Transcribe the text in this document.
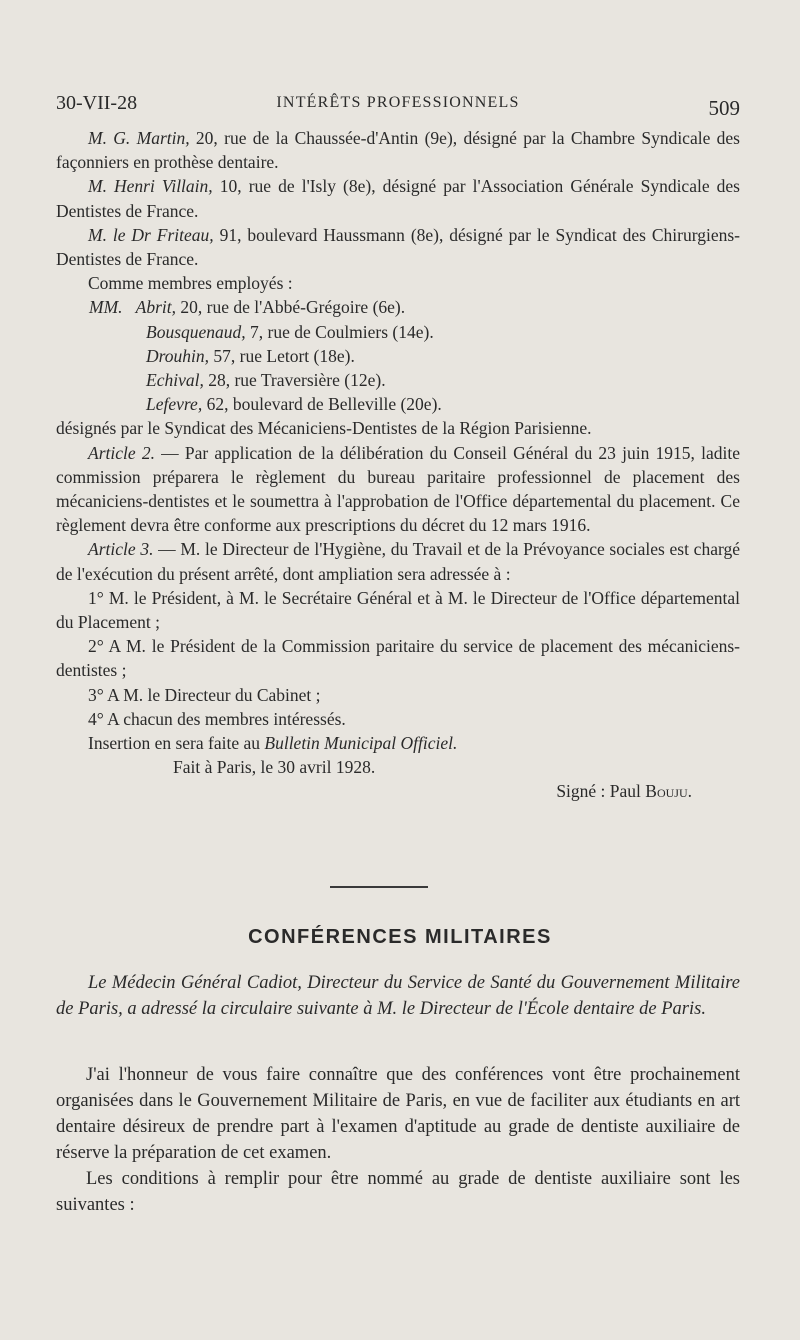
30-VII-28	INTÉRÊTS PROFESSIONNELS	509

M. G. Martin, 20, rue de la Chaussée-d'Antin (9e), désigné par la Chambre Syndicale des façonniers en prothèse dentaire.

M. Henri Villain, 10, rue de l'Isly (8e), désigné par l'Association Générale Syndicale des Dentistes de France.

M. le Dr Friteau, 91, boulevard Haussmann (8e), désigné par le Syndicat des Chirurgiens-Dentistes de France.

Comme membres employés :

MM. Abrit, 20, rue de l'Abbé-Grégoire (6e).

Bousquenaud, 7, rue de Coulmiers (14e).

Drouhin, 57, rue Letort (18e).

Echival, 28, rue Traversière (12e).

Lefevre, 62, boulevard de Belleville (20e).

désignés par le Syndicat des Mécaniciens-Dentistes de la Région Parisienne.

Article 2. — Par application de la délibération du Conseil Général du 23 juin 1915, ladite commission préparera le règlement du bureau paritaire professionnel de placement des mécaniciens-dentistes et le soumettra à l'approbation de l'Office départemental du placement. Ce règlement devra être conforme aux prescriptions du décret du 12 mars 1916.

Article 3. — M. le Directeur de l'Hygiène, du Travail et de la Prévoyance sociales est chargé de l'exécution du présent arrêté, dont ampliation sera adressée à :

1° M. le Président, à M. le Secrétaire Général et à M. le Directeur de l'Office départemental du Placement ;

2° A M. le Président de la Commission paritaire du service de placement des mécaniciens-dentistes ;

3° A M. le Directeur du Cabinet ;

4° A chacun des membres intéressés.

Insertion en sera faite au Bulletin Municipal Officiel.

Fait à Paris, le 30 avril 1928.

Signé : Paul Bouju.

CONFÉRENCES MILITAIRES

Le Médecin Général Cadiot, Directeur du Service de Santé du Gouvernement Militaire de Paris, a adressé la circulaire suivante à M. le Directeur de l'École dentaire de Paris.

J'ai l'honneur de vous faire connaître que des conférences vont être prochainement organisées dans le Gouvernement Militaire de Paris, en vue de faciliter aux étudiants en art dentaire désireux de prendre part à l'examen d'aptitude au grade de dentiste auxiliaire de réserve la préparation de cet examen.

Les conditions à remplir pour être nommé au grade de dentiste auxiliaire sont les suivantes :
